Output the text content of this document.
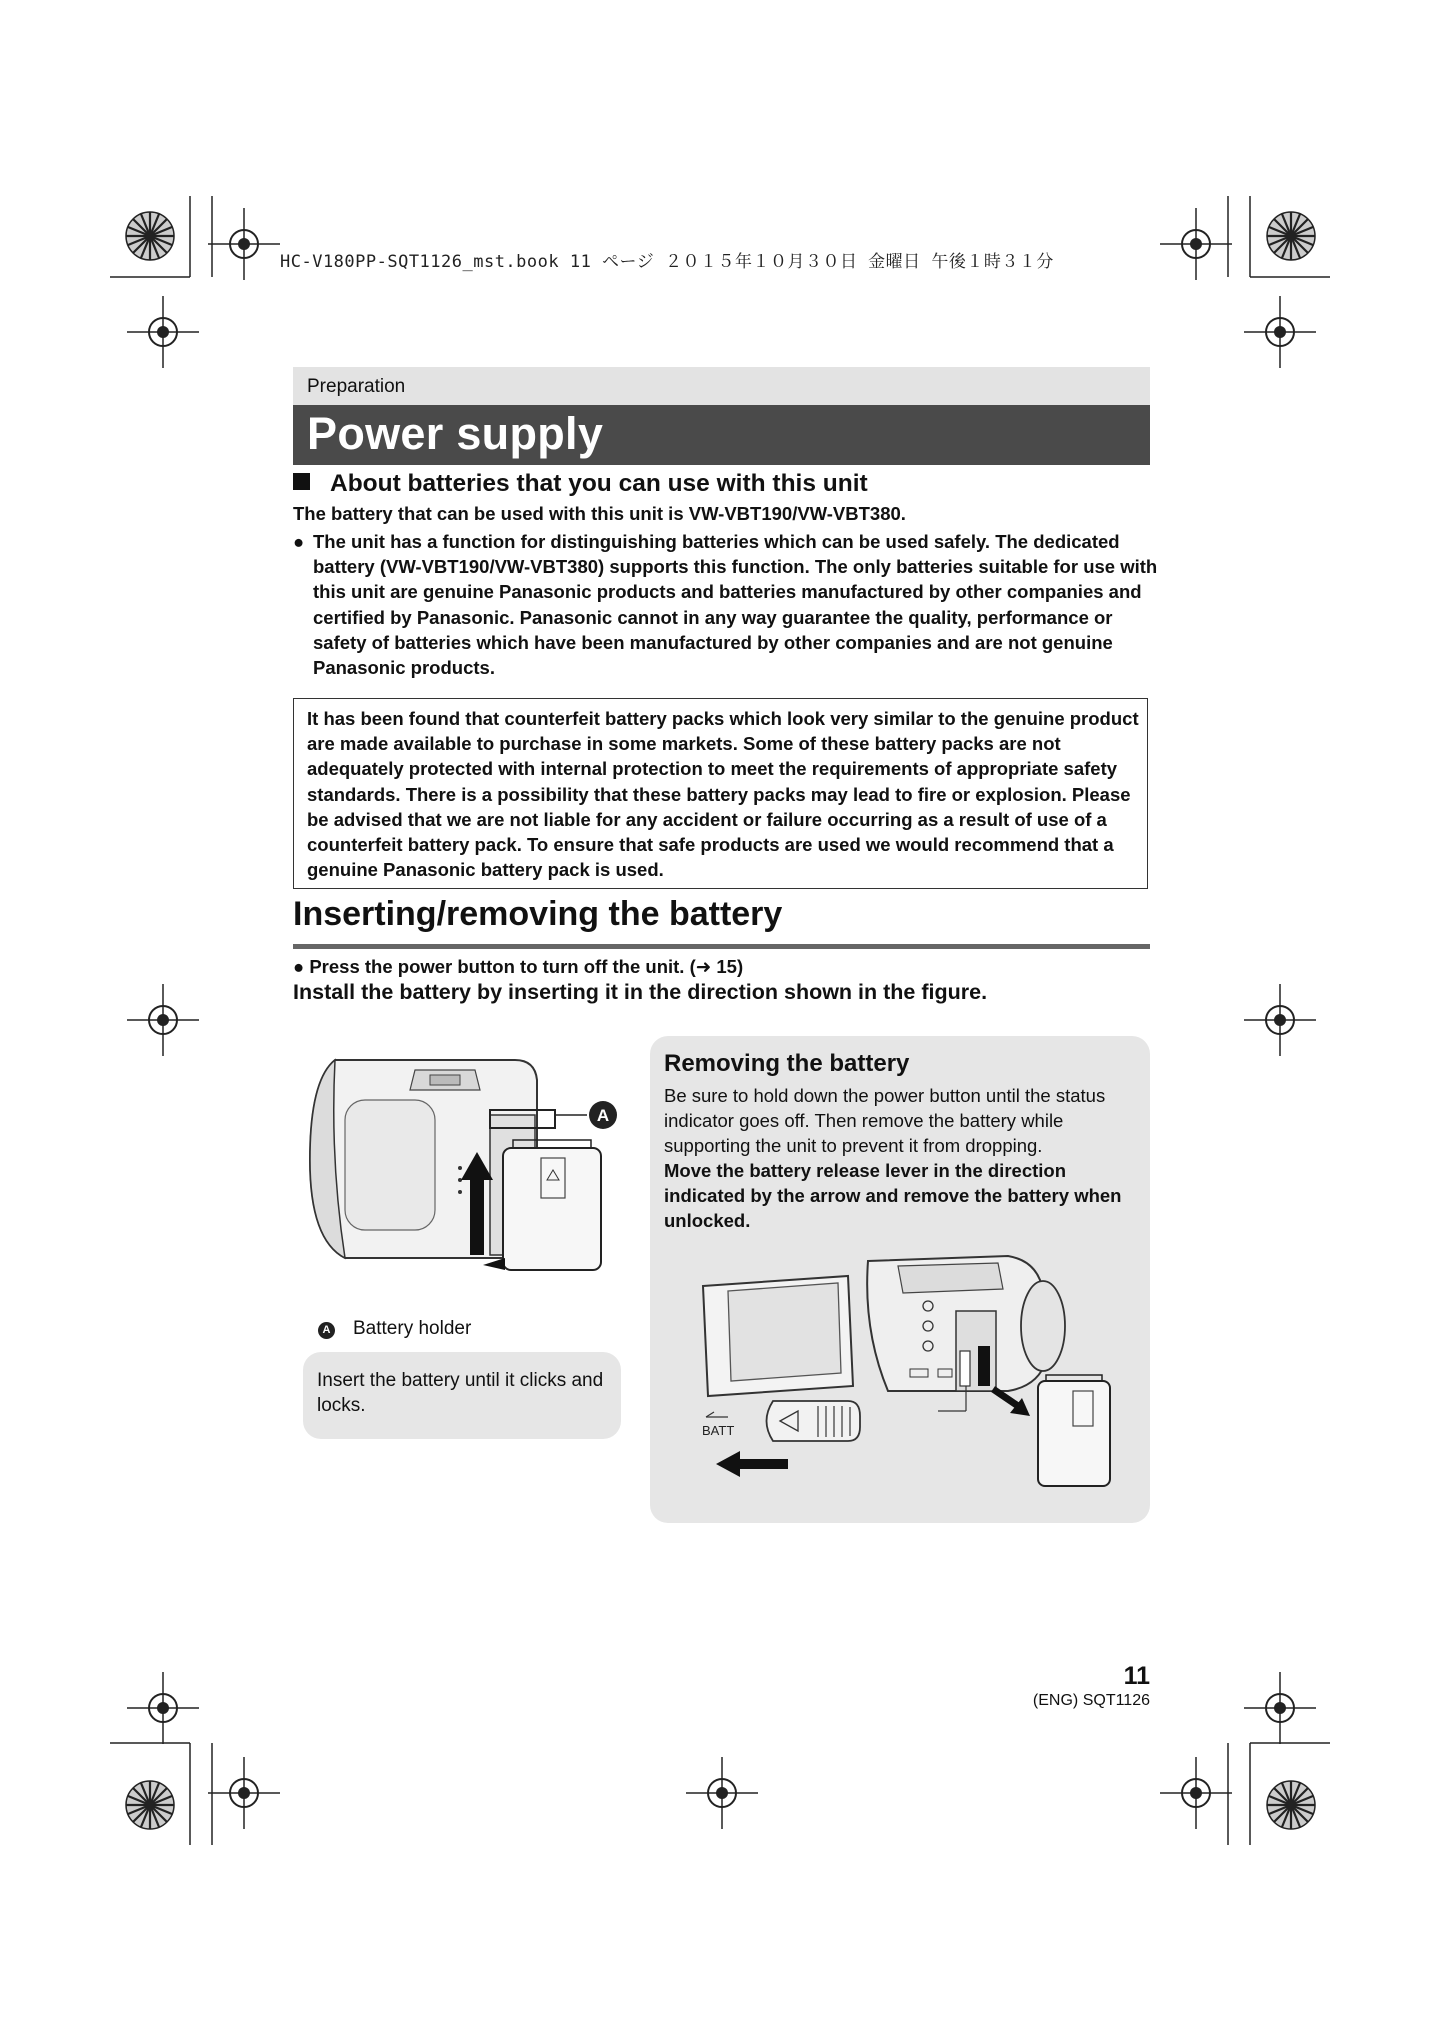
HC-V180PP-SQT1126_mst.book 11 ページ ２０１５年１０月３０日 金曜日 午後１時３１分
Preparation
Power supply
About batteries that you can use with this unit
The battery that can be used with this unit is VW-VBT190/VW-VBT380.
● The unit has a function for distinguishing batteries which can be used safely. The dedicated battery (VW-VBT190/VW-VBT380) supports this function. The only batteries suitable for use with this unit are genuine Panasonic products and batteries manufactured by other companies and certified by Panasonic. Panasonic cannot in any way guarantee the quality, performance or safety of batteries which have been manufactured by other companies and are not genuine Panasonic products.

It has been found that counterfeit battery packs which look very similar to the genuine product are made available to purchase in some markets. Some of these battery packs are not adequately protected with internal protection to meet the requirements of appropriate safety standards. There is a possibility that these battery packs may lead to fire or explosion. Please be advised that we are not liable for any accident or failure occurring as a result of use of a counterfeit battery pack. To ensure that safe products are used we would recommend that a genuine Panasonic battery pack is used.

Inserting/removing the battery
● Press the power button to turn off the unit. (➜ 15)
Install the battery by inserting it in the direction shown in the figure.
A
A Battery holder

Insert the battery until it clicks and locks.

Removing the battery

Be sure to hold down the power button until the status indicator goes off. Then remove the battery while supporting the unit to prevent it from dropping.

Move the battery release lever in the direction indicated by the arrow and remove the battery when unlocked.

BATT
11
(ENG) SQT1126
